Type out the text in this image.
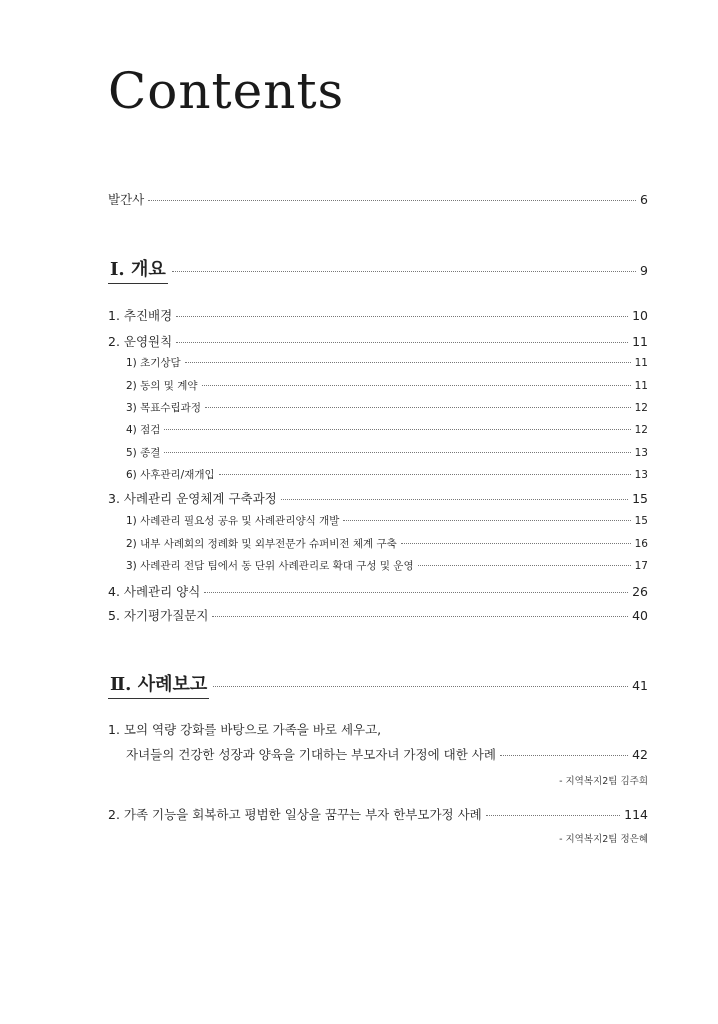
Contents
발간사	6
Ⅰ. 개요	9
1. 추진배경	10
2. 운영원칙	11
1) 초기상담	11
2) 동의 및 계약	11
3) 목표수립과정	12
4) 점검	12
5) 종결	13
6) 사후관리/재개입	13
3. 사례관리 운영체계 구축과정	15
1) 사례관리 필요성 공유 및 사례관리양식 개발	15
2) 내부 사례회의 정례화 및 외부전문가 슈퍼비전 체계 구축	16
3) 사례관리 전담 팀에서 동 단위 사례관리로 확대 구성 및 운영	17
4. 사례관리 양식	26
5. 자기평가질문지	40
Ⅱ. 사례보고	41
1. 모의 역량 강화를 바탕으로 가족을 바로 세우고,
자녀들의 건강한 성장과 양육을 기대하는 부모자녀 가정에 대한 사례	42
- 지역복지2팀 김주희
2. 가족 기능을 회복하고 평범한 일상을 꿈꾸는 부자 한부모가정 사례	114
- 지역복지2팀 정은혜
